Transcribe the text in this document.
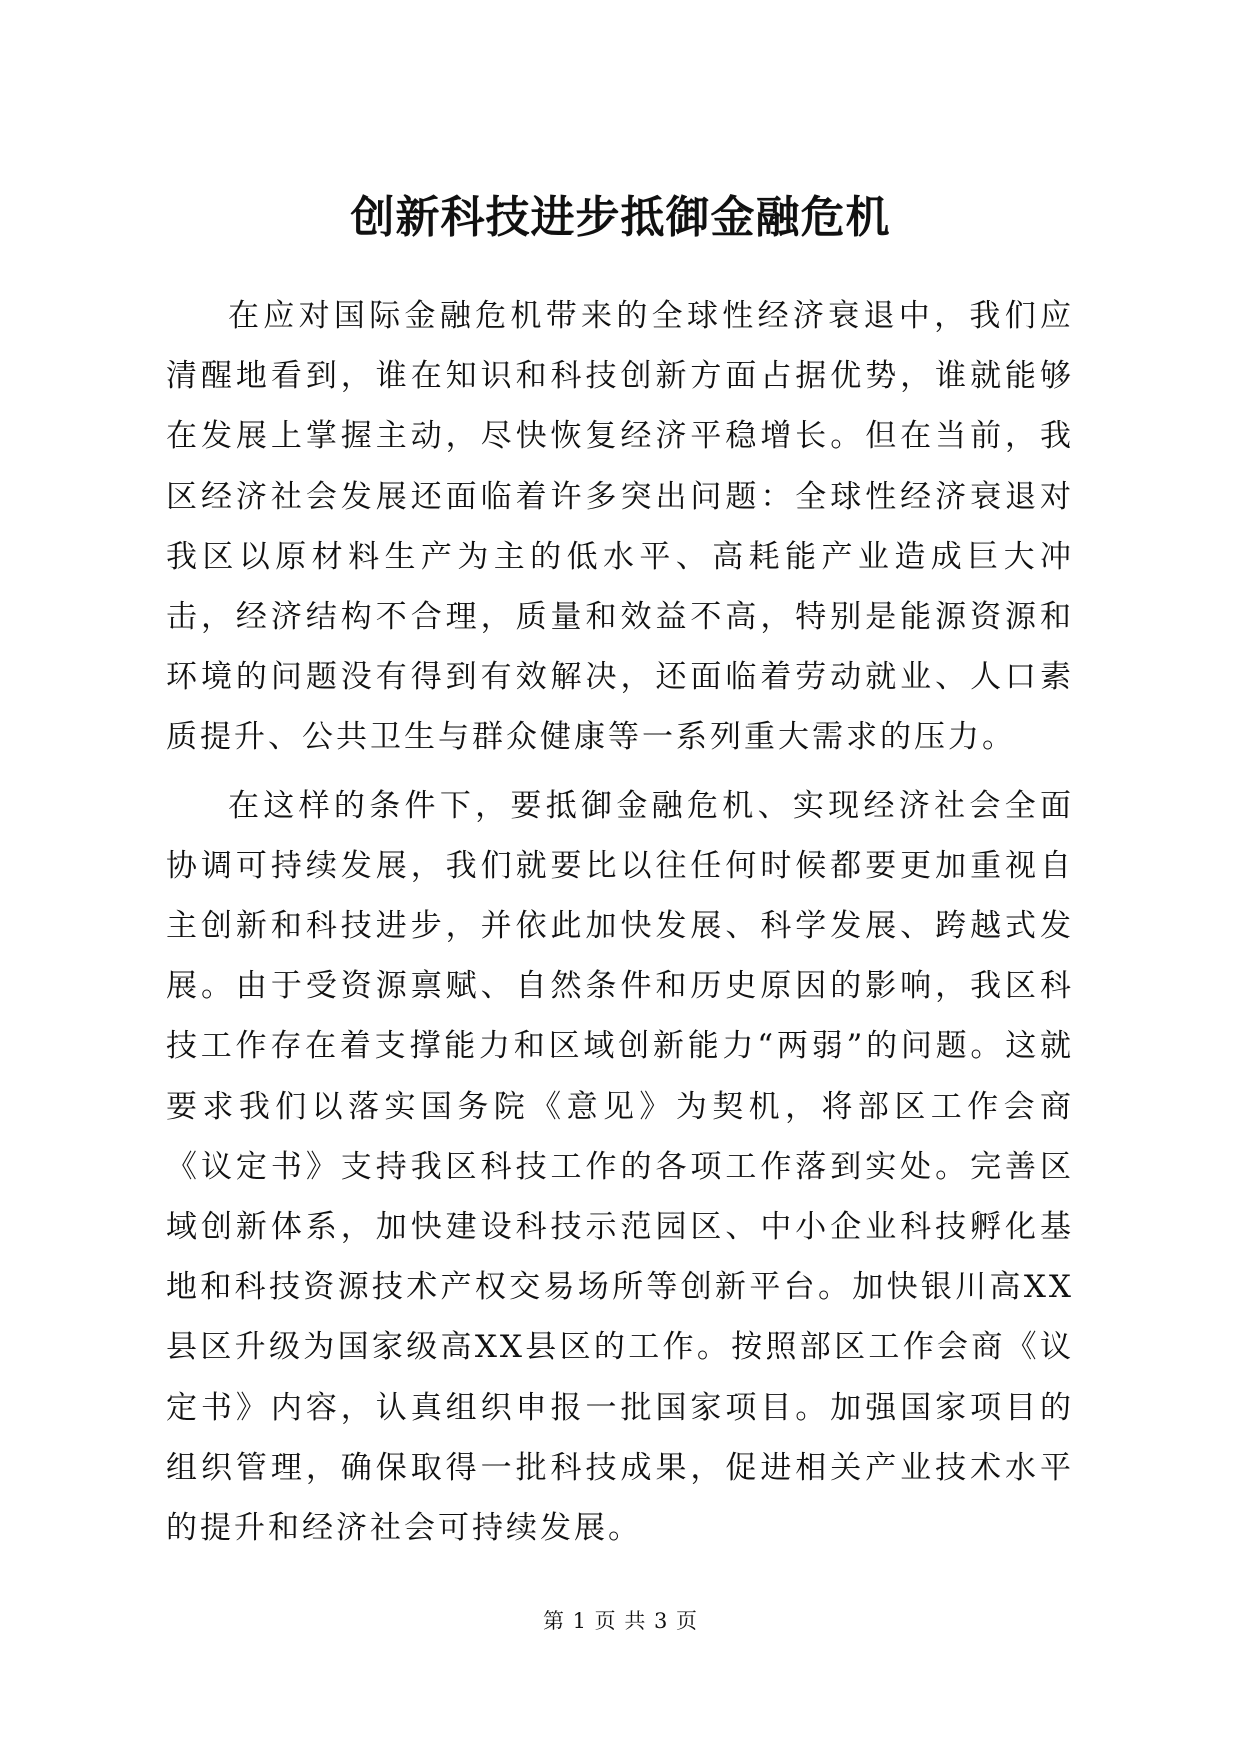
创新科技进步抵御金融危机

在应对国际金融危机带来的全球性经济衰退中，我们应清醒地看到，谁在知识和科技创新方面占据优势，谁就能够在发展上掌握主动，尽快恢复经济平稳增长。但在当前，我区经济社会发展还面临着许多突出问题：全球性经济衰退对我区以原材料生产为主的低水平、高耗能产业造成巨大冲击，经济结构不合理，质量和效益不高，特别是能源资源和环境的问题没有得到有效解决，还面临着劳动就业、人口素质提升、公共卫生与群众健康等一系列重大需求的压力。

在这样的条件下，要抵御金融危机、实现经济社会全面协调可持续发展，我们就要比以往任何时候都要更加重视自主创新和科技进步，并依此加快发展、科学发展、跨越式发展。由于受资源禀赋、自然条件和历史原因的影响，我区科技工作存在着支撑能力和区域创新能力“两弱”的问题。这就要求我们以落实国务院《意见》为契机，将部区工作会商《议定书》支持我区科技工作的各项工作落到实处。完善区域创新体系，加快建设科技示范园区、中小企业科技孵化基地和科技资源技术产权交易场所等创新平台。加快银川高XX县区升级为国家级高XX县区的工作。按照部区工作会商《议定书》内容，认真组织申报一批国家项目。加强国家项目的组织管理，确保取得一批科技成果，促进相关产业技术水平的提升和经济社会可持续发展。

第 1 页 共 3 页
